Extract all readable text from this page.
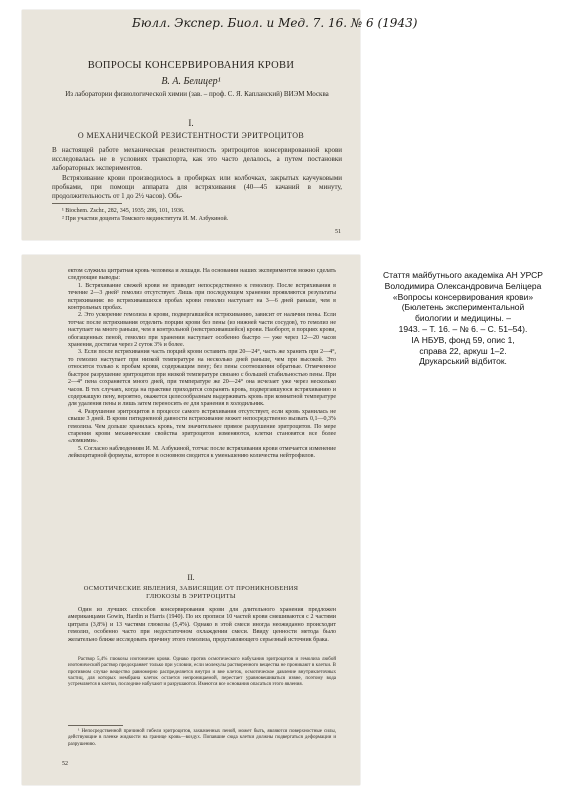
Бюлл. Экспер. Биол. и Мед. 7. 16. № 6 (1943)
ВОПРОСЫ КОНСЕРВИРОВАНИЯ КРОВИ
В. А. Белицер¹
Из лаборатории физиологической химии (зав. – проф. С. Я. Капланский) ВИЭМ Москва
I.
О МЕХАНИЧЕСКОЙ РЕЗИСТЕНТНОСТИ ЭРИТРОЦИТОВ
В настоящей работе механическая резистентность эритроцитов консервированной крови исследовалась не в условиях транспорта, как это часто делалось, а путем постановки лабораторных экспериментов.
Встряхивание крови производилось в пробирках или колбочках, закрытых каучуковыми пробками, при помощи аппарата для встряхивания (40—45 качаний в минуту, продолжительность от 1 до 2½ часов). Обь-
¹ Biochem. Zschr., 282, 345, 1935; 286, 101, 1936.
² При участии доцента Томского мединститута И. М. Азбукиной.
51

ектом служила цитратная кровь человека и лошади. На основании наших экспериментов можно сделать следующие выводы:

1. Встряхивание свежей крови не приводит непосредственно к гемолизу. После встряхивания в течение 2—3 дней¹ гемолиз отсутствует. Лишь при последующем хранении проявляются результаты встряхивания: во встряхивавшихся пробах крови гемолиз наступает на 3—6 дней раньше, чем в контрольных пробах.

2. Это ускорение гемолиза в крови, подвергавшейся встряхиванию, зависит от наличия пены. Если тотчас после встряхивания отделить порции крови без пены (из нижней части сосудов), то гемолиз не наступает на много раньше, чем в контрольной (невстряхивавшейся) крови. Наоборот, в порциях крови, обогащенных пеной, гемолиз при хранении наступает особенно быстро — уже через 12—20 часов хранения, достигая через 2 суток 3% и более.

3. Если после встряхивания часть порций крови оставить при 20—24°, часть же хранить при 2—4°, то гемолиз наступает при низкой температуре на несколько дней раньше, чем при высокой. Это относится только к пробам крови, содержащим пену; без пены соотношения обратные. Отмеченное быстрое разрушение эритроцитов при низкой температуре связано с большей стабильностью пены. При 2—4° пена сохраняется много дней, при температуре же 20—24° она исчезает уже через несколько часов. В тех случаях, когда на практике приходится сохранять кровь, подвергавшуюся встряхиванию и содержащую пену, вероятно, окажется целесообразным выдерживать кровь при комнатной температуре для удаления пены и лишь затем переносить ее для хранения в холодильник.

4. Разрушение эритроцитов в процессе самого встряхивания отсутствует, если кровь хранилась не свыше 3 дней. В крови пятидневной давности встряхивание может непосредственно вызвать 0,1—0,3% гемолиза. Чем дольше хранилась кровь, тем значительнее прямое разрушение эритроцитов. По мере старения крови механические свойства эритроцитов изменяются, клетки становятся все более «ломкими».

5. Согласно наблюдениям И. М. Азбукиной, тотчас после встряхивания крови отмечается изменение лейкоцитарной формулы, которое в основном сводится к уменьшению количества нейтрофилов.

II.
ОСМОТИЧЕСКИЕ ЯВЛЕНИЯ, ЗАВИСЯЩИЕ ОТ ПРОНИКНОВЕНИЯ ГЛЮКОЗЫ В ЭРИТРОЦИТЫ

Один из лучших способов консервирования крови для длительного хранения предложен американцами Gowin, Hardin и Harris (1940). По их прописи 10 частей крови смешиваются с 2 частями цитрата (3,8%) и 13 частями глюкозы (5,4%). Однако в этой смеси иногда неожиданно происходит гемолиз, особенно часто при недостаточном охлаждении смеси. Ввиду ценности метода было желательно ближе исследовать причину этого гемолиза, представляющего серьезный источник брака.

Раствор 5,4% глюкозы изотоничен крови. Однако против осмотического набухания эритроцитов и гемолиза любой изотонический раствор предохраняет только при условии, если молекулы растворенного вещества не проникают в клетки. В противном случае вещество равномерно распределяется внутри и вне клеток, осмотическое давление внутриклеточных частиц, для которых мембрана клеток остается непроницаемой, перестает уравновешиваться извне, поэтому вода устремляется в клетки, последние набухают и разрушаются. Имеются все основания опасаться этого явления.
¹ Непосредственной причиной гибели эритроцитов, захваченных пеной, может быть, являются поверхностные силы, действующие в пленке жидкости на границе кровь—воздух. Попавшие сюда клетки должны подвергаться деформации и разрушению.
52
Стаття майбутнього академіка АН УРСР
Володимира Олександровича Беліцера
«Вопросы консервирования крови»
(Бюлетень экспериментальной
биологии и медицины. –
1943. – Т. 16. – № 6. – С. 51–54).
ІА НБУВ, фонд 59, опис 1,
справа 22, аркуш 1–2.
Друкарський відбиток.
